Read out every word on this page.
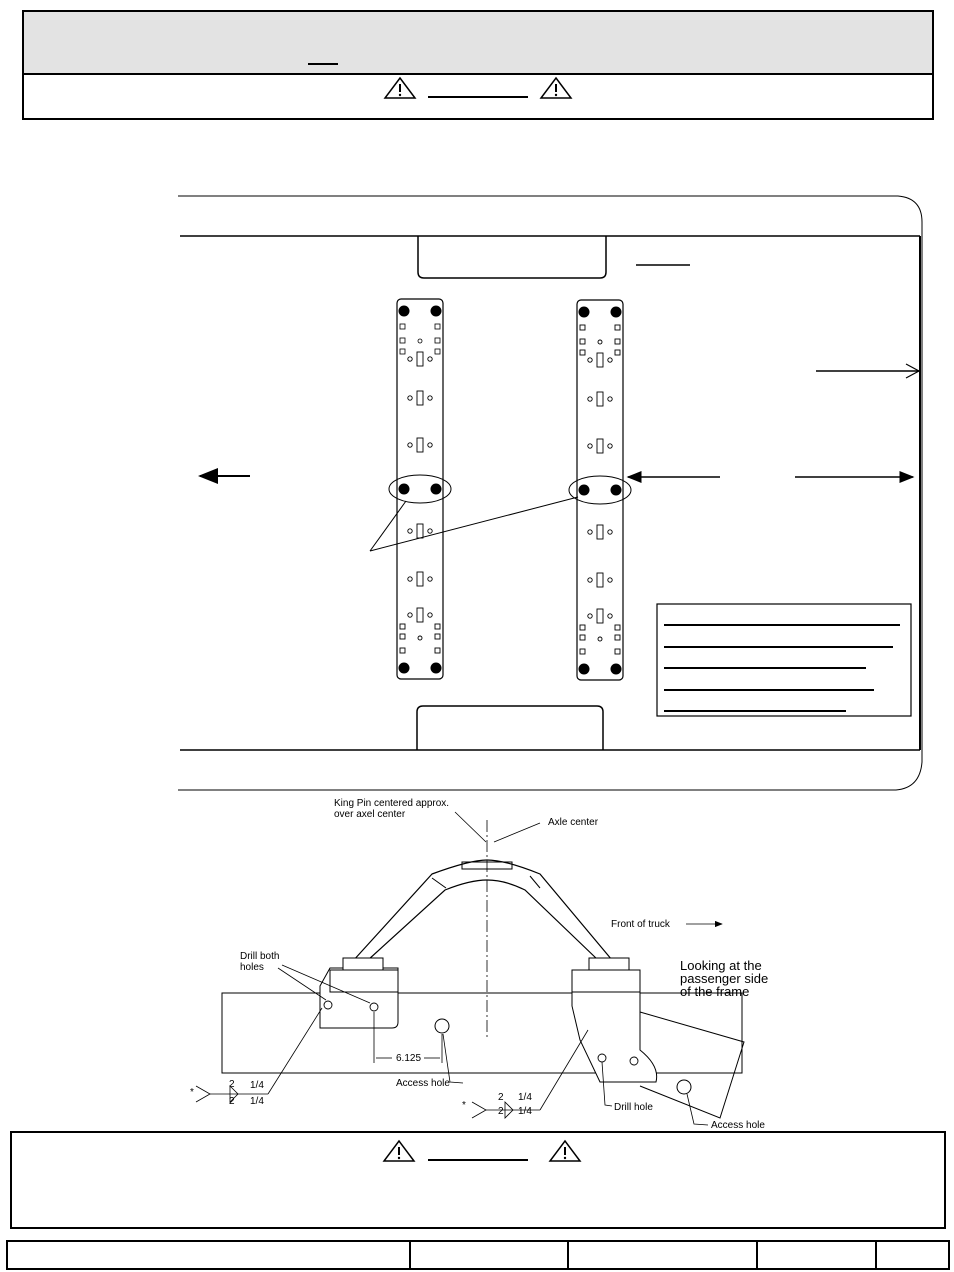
King Pin centered approx.
over axel center
Axle center
Front of truck
Looking at the
passenger side
of the frame
Drill both
holes
6.125
Access hole
Drill hole
Access hole
2 1/4
2 1/4
*	2 1/4
2 1/4
*
